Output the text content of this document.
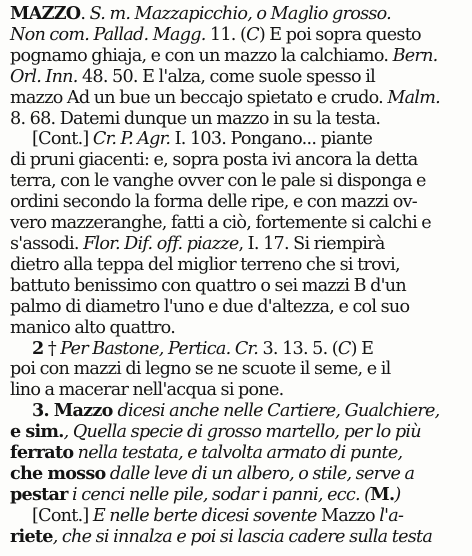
MAZZO. S. m. Mazzapicchio, o Maglio grosso.
Non com. Pallad. Magg. 11. (C) E poi sopra questo
pognamo ghiaja, e con un mazzo la calchiamo. Bern.
Orl. Inn. 48. 50. E l'alza, come suole spesso il
mazzo Ad un bue un beccajo spietato e crudo. Malm.
8. 68. Datemi dunque un mazzo in su la testa.
[Cont.] Cr. P. Agr. I. 103. Pongano... piante
di pruni giacenti: e, sopra posta ivi ancora la detta
terra, con le vanghe ovver con le pale si disponga e
ordini secondo la forma delle ripe, e con mazzi ov-
vero mazzeranghe, fatti a ciò, fortemente si calchi e
s'assodi. Flor. Dif. off. piazze, I. 17. Si riempirà
dietro alla teppa del miglior terreno che si trovi,
battuto benissimo con quattro o sei mazzi B d'un
palmo di diametro l'uno e due d'altezza, e col suo
manico alto quattro.
2 † Per Bastone, Pertica. Cr. 3. 13. 5. (C) E
poi con mazzi di legno se ne scuote il seme, e il
lino a macerar nell'acqua si pone.
3. Mazzo dicesi anche nelle Cartiere, Gualchiere,
e sim., Quella specie di grosso martello, per lo più
ferrato nella testata, e talvolta armato di punte,
che mosso dalle leve di un albero, o stile, serve a
pestar i cenci nelle pile, sodar i panni, ecc. (M.)
[Cont.] E nelle berte dicesi sovente Mazzo l'a-
riete, che si innalza e poi si lascia cadere sulla testa
